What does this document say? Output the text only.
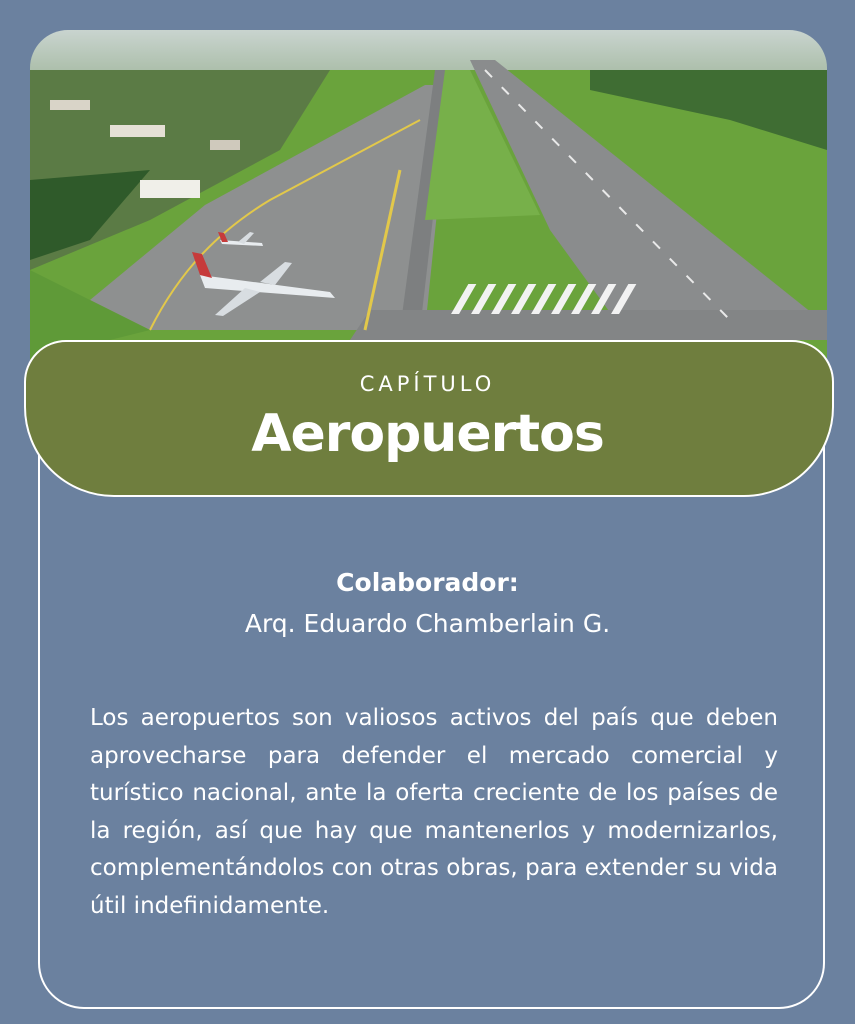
CAPÍTULO
Aeropuertos
Colaborador:
Arq. Eduardo Chamberlain G.

Los aeropuertos son valiosos activos del país que deben aprovecharse para defender el mercado comercial y turístico nacional, ante la oferta creciente de los países de la región, así que hay que mantenerlos y modernizarlos, complementándolos con otras obras, para extender su vida útil indefinidamente.
